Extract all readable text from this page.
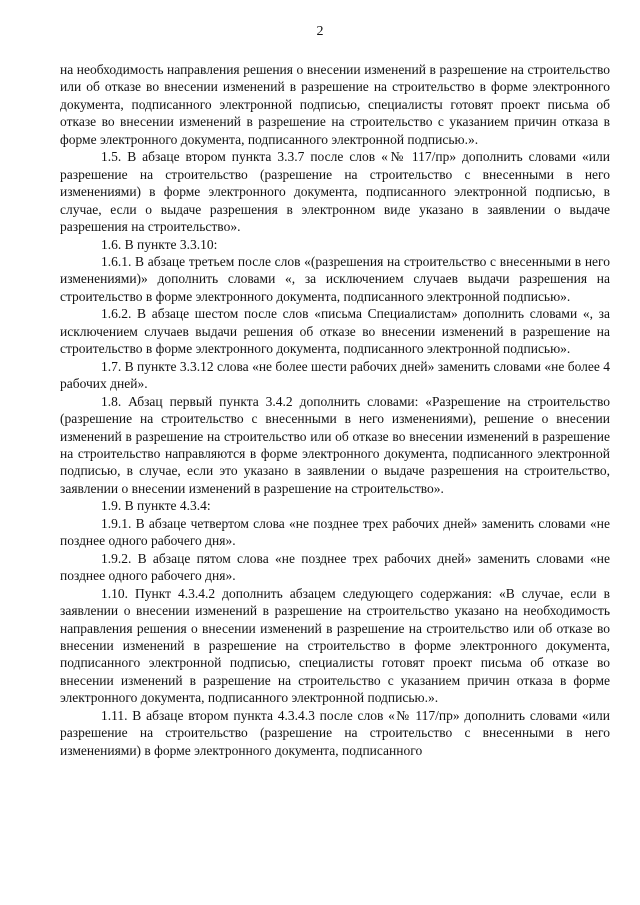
2

на необходимость направления решения о внесении изменений в разрешение на строительство или об отказе во внесении изменений в разрешение на строительство в форме электронного документа, подписанного электронной подписью, специалисты готовят проект письма об отказе во внесении изменений в разрешение на строительство с указанием причин отказа в форме электронного документа, подписанного электронной подписью.».

1.5. В абзаце втором пункта 3.3.7 после слов «№ 117/пр» дополнить словами «или разрешение на строительство (разрешение на строительство с внесенными в него изменениями) в форме электронного документа, подписанного электронной подписью, в случае, если о выдаче разрешения в электронном виде указано в заявлении о выдаче разрешения на строительство».

1.6. В пункте 3.3.10:

1.6.1. В абзаце третьем после слов «(разрешения на строительство с внесенными в него изменениями)» дополнить словами «, за исключением случаев выдачи разрешения на строительство в форме электронного документа, подписанного электронной подписью».

1.6.2. В абзаце шестом после слов «письма Специалистам» дополнить словами «, за исключением случаев выдачи решения об отказе во внесении изменений в разрешение на строительство в форме электронного документа, подписанного электронной подписью».

1.7. В пункте 3.3.12 слова «не более шести рабочих дней» заменить словами «не более 4 рабочих дней».

1.8. Абзац первый пункта 3.4.2 дополнить словами: «Разрешение на строительство (разрешение на строительство с внесенными в него изменениями), решение о внесении изменений в разрешение на строительство или об отказе во внесении изменений в разрешение на строительство направляются в форме электронного документа, подписанного электронной подписью, в случае, если это указано в заявлении о выдаче разрешения на строительство, заявлении о внесении изменений в разрешение на строительство».

1.9. В пункте 4.3.4:

1.9.1. В абзаце четвертом слова «не позднее трех рабочих дней» заменить словами «не позднее одного рабочего дня».

1.9.2. В абзаце пятом слова «не позднее трех рабочих дней» заменить словами «не позднее одного рабочего дня».

1.10. Пункт 4.3.4.2 дополнить абзацем следующего содержания: «В случае, если в заявлении о внесении изменений в разрешение на строительство указано на необходимость направления решения о внесении изменений в разрешение на строительство или об отказе во внесении изменений в разрешение на строительство в форме электронного документа, подписанного электронной подписью, специалисты готовят проект письма об отказе во внесении изменений в разрешение на строительство с указанием причин отказа в форме электронного документа, подписанного электронной подписью.».

1.11. В абзаце втором пункта 4.3.4.3 после слов «№ 117/пр» дополнить словами «или разрешение на строительство (разрешение на строительство с внесенными в него изменениями) в форме электронного документа, подписанного
